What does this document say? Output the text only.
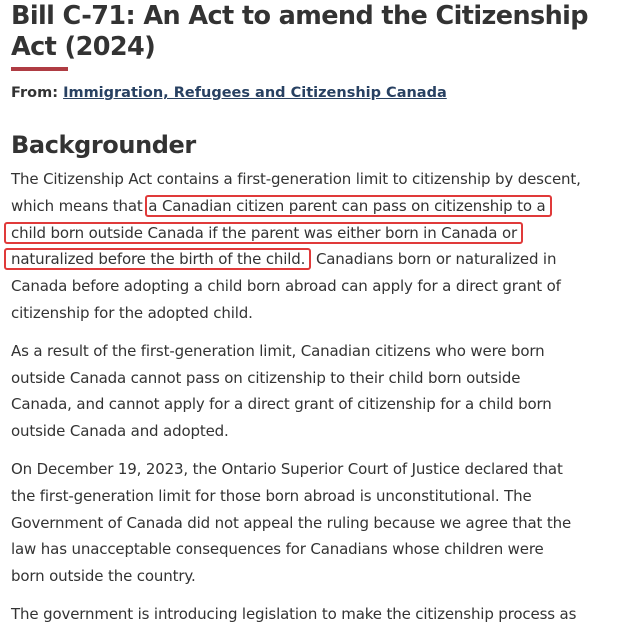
Bill C-71: An Act to amend the Citizenship Act (2024)
From: Immigration, Refugees and Citizenship Canada
Backgrounder

The Citizenship Act contains a first-generation limit to citizenship by descent,
which means that a Canadian citizen parent can pass on citizenship to a
child born outside Canada if the parent was either born in Canada or
naturalized before the birth of the child. Canadians born or naturalized in
Canada before adopting a child born abroad can apply for a direct grant of
citizenship for the adopted child.

As a result of the first-generation limit, Canadian citizens who were born
outside Canada cannot pass on citizenship to their child born outside
Canada, and cannot apply for a direct grant of citizenship for a child born
outside Canada and adopted.

On December 19, 2023, the Ontario Superior Court of Justice declared that
the first-generation limit for those born abroad is unconstitutional. The
Government of Canada did not appeal the ruling because we agree that the
law has unacceptable consequences for Canadians whose children were
born outside the country.

The government is introducing legislation to make the citizenship process as
